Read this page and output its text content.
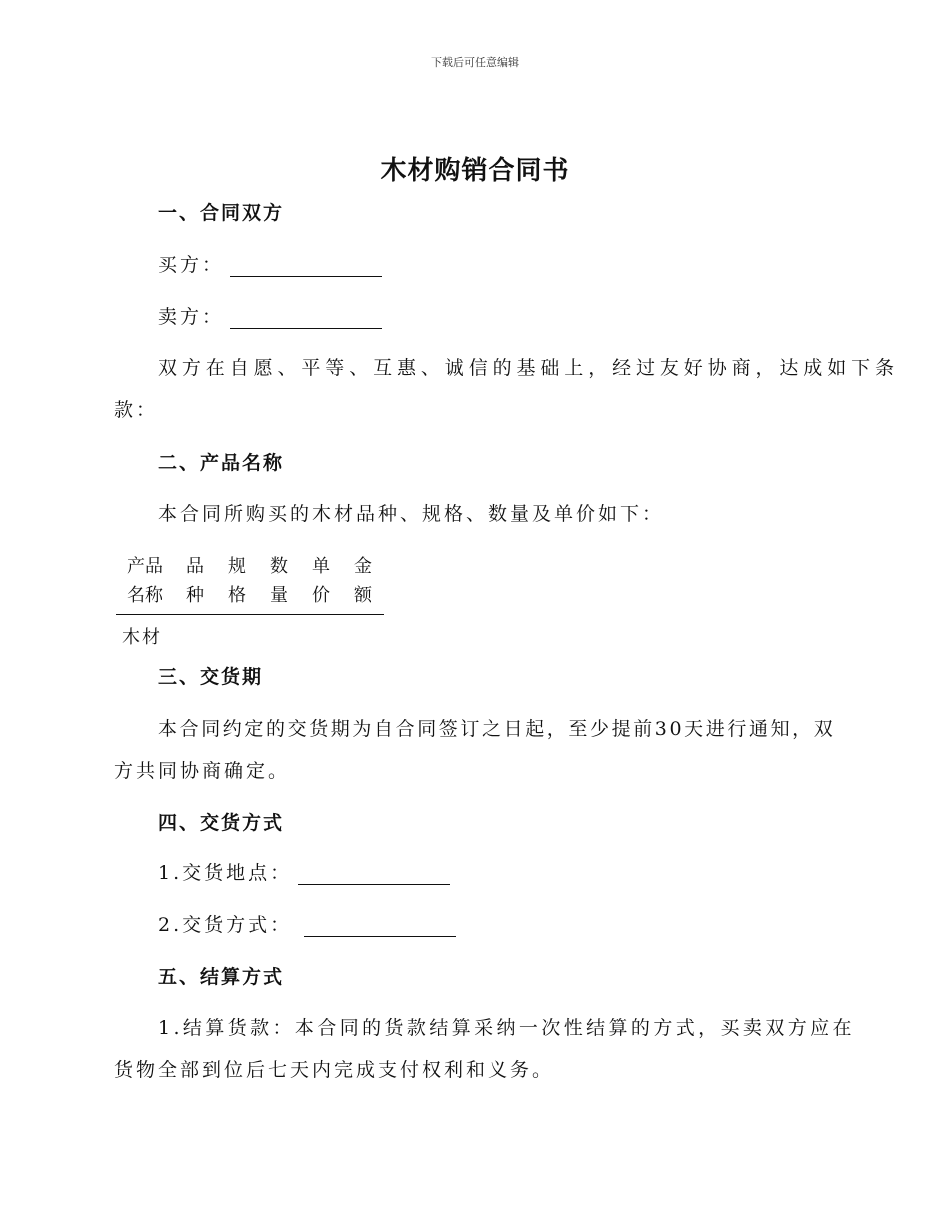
下载后可任意编辑
木材购销合同书
一、合同双方
买方：
卖方：
双方在自愿、平等、互惠、诚信的基础上，经过友好协商，达成如下条
款：
二、产品名称
本合同所购买的木材品种、规格、数量及单价如下：
产品
名称
品
种
规
格
数
量
单
价
金
额
木材
三、交货期
本合同约定的交货期为自合同签订之日起，至少提前30天进行通知，双
方共同协商确定。
四、交货方式
1.交货地点：
2.交货方式：
五、结算方式
1.结算货款：本合同的货款结算采纳一次性结算的方式，买卖双方应在
货物全部到位后七天内完成支付权利和义务。
